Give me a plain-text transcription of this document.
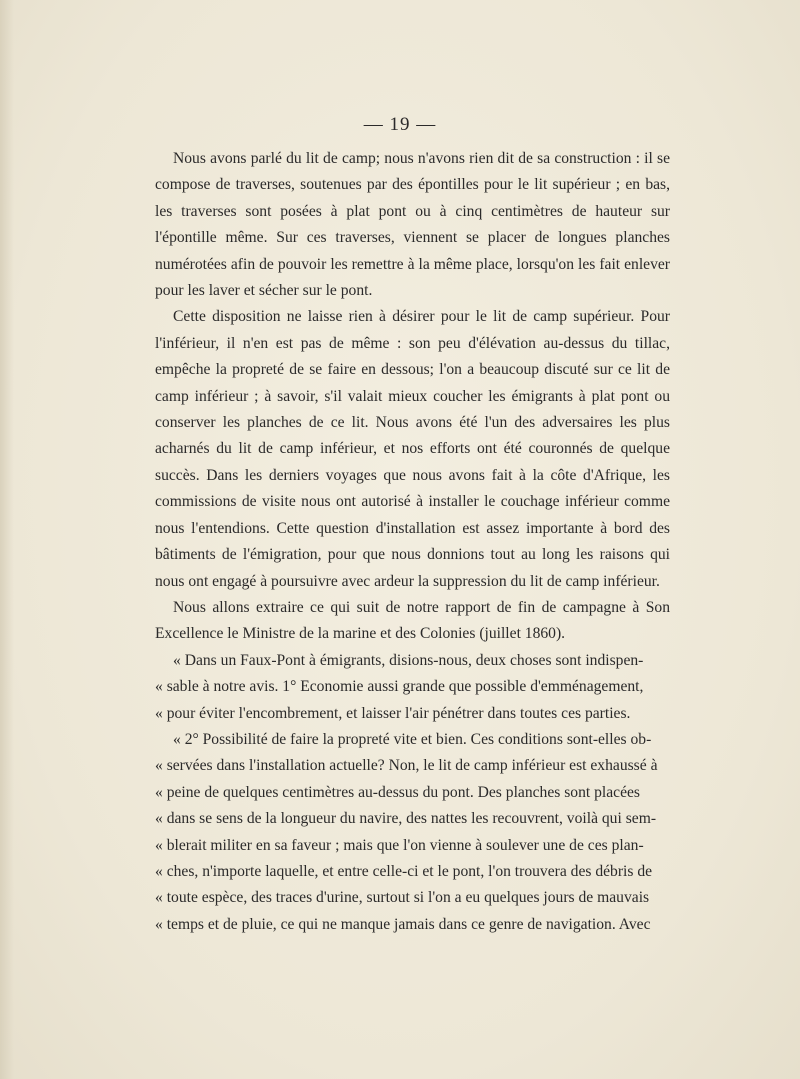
— 19 —

Nous avons parlé du lit de camp; nous n'avons rien dit de sa construction : il se compose de traverses, soutenues par des épontilles pour le lit supérieur ; en bas, les traverses sont posées à plat pont ou à cinq centimètres de hauteur sur l'épontille même. Sur ces traverses, viennent se placer de longues planches numérotées afin de pouvoir les remettre à la même place, lorsqu'on les fait enlever pour les laver et sécher sur le pont.

Cette disposition ne laisse rien à désirer pour le lit de camp supérieur. Pour l'inférieur, il n'en est pas de même : son peu d'élévation au-dessus du tillac, empêche la propreté de se faire en dessous; l'on a beaucoup discuté sur ce lit de camp inférieur ; à savoir, s'il valait mieux coucher les émigrants à plat pont ou conserver les planches de ce lit. Nous avons été l'un des adversaires les plus acharnés du lit de camp inférieur, et nos efforts ont été couronnés de quelque succès. Dans les derniers voyages que nous avons fait à la côte d'Afrique, les commissions de visite nous ont autorisé à installer le couchage inférieur comme nous l'entendions. Cette question d'installation est assez importante à bord des bâtiments de l'émigration, pour que nous donnions tout au long les raisons qui nous ont engagé à poursuivre avec ardeur la suppression du lit de camp inférieur.

Nous allons extraire ce qui suit de notre rapport de fin de campagne à Son Excellence le Ministre de la marine et des Colonies (juillet 1860).

« Dans un Faux-Pont à émigrants, disions-nous, deux choses sont indispen-
« sable à notre avis. 1° Economie aussi grande que possible d'emménagement,
« pour éviter l'encombrement, et laisser l'air pénétrer dans toutes ces parties.
« 2° Possibilité de faire la propreté vite et bien. Ces conditions sont-elles ob-
« servées dans l'installation actuelle? Non, le lit de camp inférieur est exhaussé à
« peine de quelques centimètres au-dessus du pont. Des planches sont placées
« dans se sens de la longueur du navire, des nattes les recouvrent, voilà qui sem-
« blerait militer en sa faveur ; mais que l'on vienne à soulever une de ces plan-
« ches, n'importe laquelle, et entre celle-ci et le pont, l'on trouvera des débris de
« toute espèce, des traces d'urine, surtout si l'on a eu quelques jours de mauvais
« temps et de pluie, ce qui ne manque jamais dans ce genre de navigation. Avec
